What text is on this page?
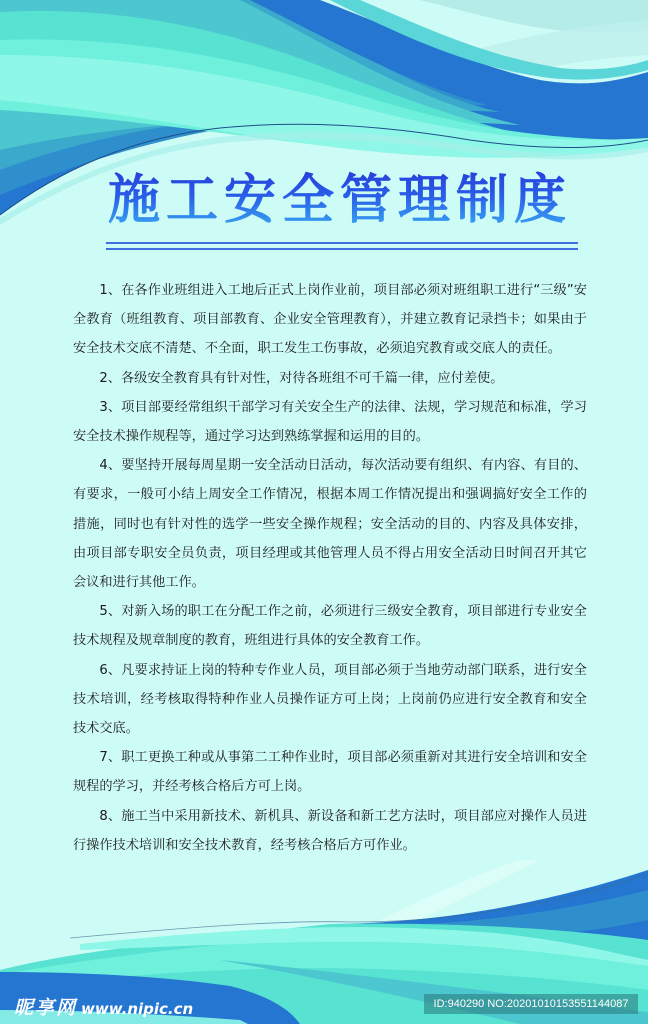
施工安全管理制度

1、在各作业班组进入工地后正式上岗作业前，项目部必须对班组职工进行“三级”安全教育（班组教育、项目部教育、企业安全管理教育），并建立教育记录挡卡；如果由于安全技术交底不清楚、不全面，职工发生工伤事故，必须追究教育或交底人的责任。

2、各级安全教育具有针对性，对待各班组不可千篇一律，应付差使。

3、项目部要经常组织干部学习有关安全生产的法律、法规，学习规范和标准，学习安全技术操作规程等，通过学习达到熟练掌握和运用的目的。

4、要坚持开展每周星期一安全活动日活动，每次活动要有组织、有内容、有目的、有要求，一般可小结上周安全工作情况，根据本周工作情况提出和强调搞好安全工作的措施，同时也有针对性的选学一些安全操作规程；安全活动的目的、内容及具体安排，由项目部专职安全员负责，项目经理或其他管理人员不得占用安全活动日时间召开其它会议和进行其他工作。

5、对新入场的职工在分配工作之前，必须进行三级安全教育，项目部进行专业安全技术规程及规章制度的教育，班组进行具体的安全教育工作。

6、凡要求持证上岗的特种专作业人员，项目部必须于当地劳动部门联系，进行安全技术培训，经考核取得特种作业人员操作证方可上岗；上岗前仍应进行安全教育和安全技术交底。

7、职工更换工种或从事第二工种作业时，项目部必须重新对其进行安全培训和安全规程的学习，并经考核合格后方可上岗。

8、施工当中采用新技术、新机具、新设备和新工艺方法时，项目部应对操作人员进行操作技术培训和安全技术教育，经考核合格后方可作业。

昵享网 www.nipic.cn	ID:940290 NO:20201010153551144087
